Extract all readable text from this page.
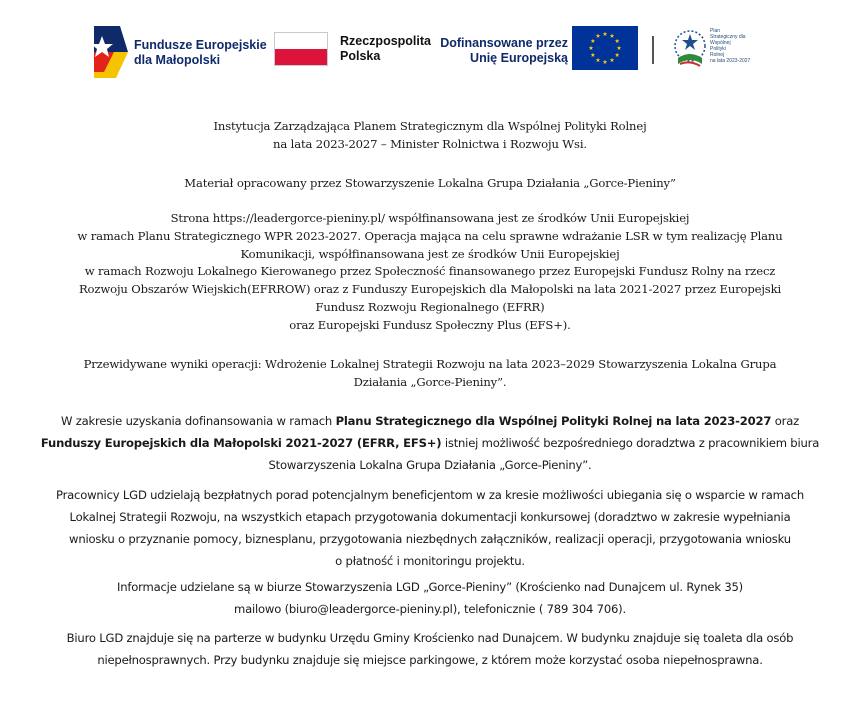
Fundusze Europejskie
dla Małopolski
Rzeczpospolita
Polska
Dofinansowane przez
Unię Europejską
Plan
Strategiczny dla
Wspólnej
Polityki
Rolnej
na lata 2023-2027

Instytucja Zarządzająca Planem Strategicznym dla Wspólnej Polityki Rolnej

na lata 2023-2027 – Minister Rolnictwa i Rozwoju Wsi.

Materiał opracowany przez Stowarzyszenie Lokalna Grupa Działania „Gorce-Pieniny”

Strona https://leadergorce-pieniny.pl/ współfinansowana jest ze środków Unii Europejskiej

w ramach Planu Strategicznego WPR 2023-2027. Operacja mająca na celu sprawne wdrażanie LSR w tym realizację Planu

Komunikacji, współfinansowana jest ze środków Unii Europejskiej

w ramach Rozwoju Lokalnego Kierowanego przez Społeczność finansowanego przez Europejski Fundusz Rolny na rzecz

Rozwoju Obszarów Wiejskich(EFRROW) oraz z Funduszy Europejskich dla Małopolski na lata 2021-2027 przez Europejski

Fundusz Rozwoju Regionalnego (EFRR)

oraz Europejski Fundusz Społeczny Plus (EFS+).

Przewidywane wyniki operacji: Wdrożenie Lokalnej Strategii Rozwoju na lata 2023–2029 Stowarzyszenia Lokalna Grupa

Działania „Gorce-Pieniny”.

W zakresie uzyskania dofinansowania w ramach Planu Strategicznego dla Wspólnej Polityki Rolnej na lata 2023-2027 oraz

Funduszy Europejskich dla Małopolski 2021-2027 (EFRR, EFS+) istniej możliwość bezpośredniego doradztwa z pracownikiem biura

Stowarzyszenia Lokalna Grupa Działania „Gorce-Pieniny”.

Pracownicy LGD udzielają bezpłatnych porad potencjalnym beneficjentom w za kresie możliwości ubiegania się o wsparcie w ramach

Lokalnej Strategii Rozwoju, na wszystkich etapach przygotowania dokumentacji konkursowej (doradztwo w zakresie wypełniania

wniosku o przyznanie pomocy, biznesplanu, przygotowania niezbędnych załączników, realizacji operacji, przygotowania wniosku

o płatność i monitoringu projektu.

Informacje udzielane są w biurze Stowarzyszenia LGD „Gorce-Pieniny” (Krościenko nad Dunajcem ul. Rynek 35)

mailowo (biuro@leadergorce-pieniny.pl), telefonicznie ( 789 304 706).

Biuro LGD znajduje się na parterze w budynku Urzędu Gminy Krościenko nad Dunajcem. W budynku znajduje się toaleta dla osób

niepełnosprawnych. Przy budynku znajduje się miejsce parkingowe, z którem może korzystać osoba niepełnosprawna.
